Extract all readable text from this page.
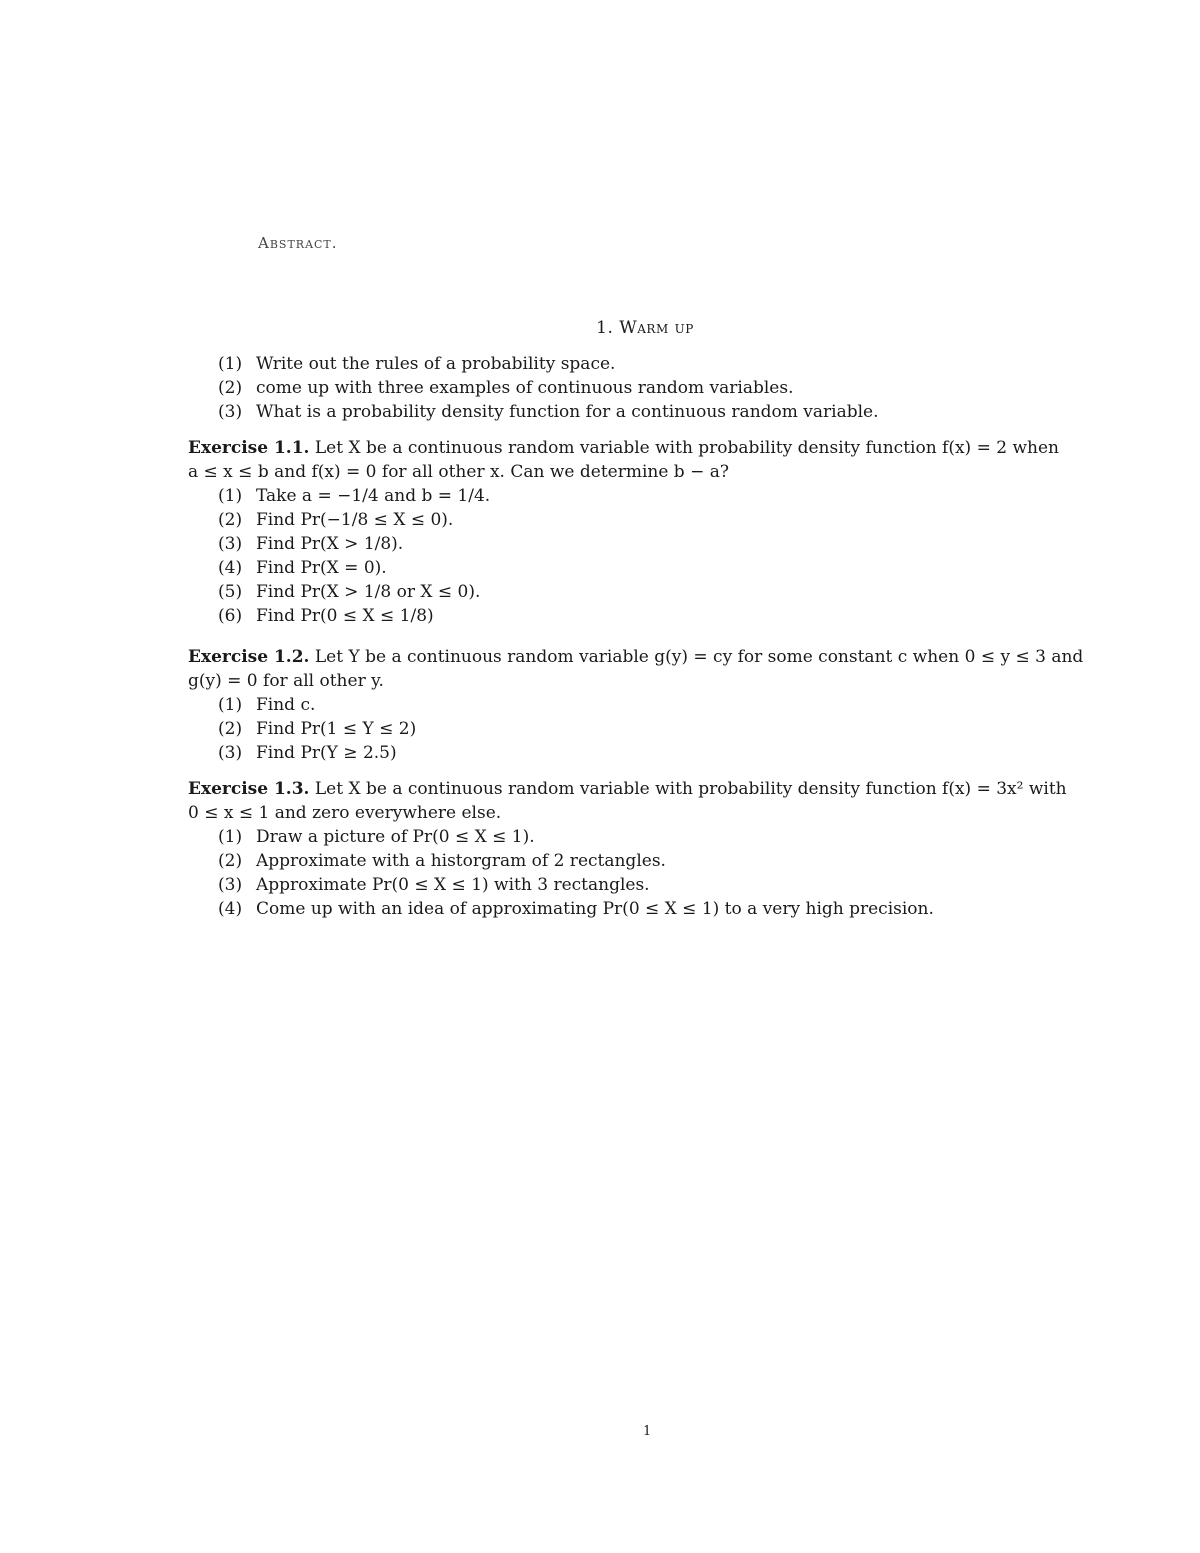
Abstract.
1. Warm up
(1) Write out the rules of a probability space.
(2) come up with three examples of continuous random variables.
(3) What is a probability density function for a continuous random variable.
Exercise 1.1. Let X be a continuous random variable with probability density function f(x) = 2 when
a ≤ x ≤ b and f(x) = 0 for all other x. Can we determine b − a?
(1) Take a = −1/4 and b = 1/4.
(2) Find Pr(−1/8 ≤ X ≤ 0).
(3) Find Pr(X > 1/8).
(4) Find Pr(X = 0).
(5) Find Pr(X > 1/8 or X ≤ 0).
(6) Find Pr(0 ≤ X ≤ 1/8)
Exercise 1.2. Let Y be a continuous random variable g(y) = cy for some constant c when 0 ≤ y ≤ 3 and
g(y) = 0 for all other y.
(1) Find c.
(2) Find Pr(1 ≤ Y ≤ 2)
(3) Find Pr(Y ≥ 2.5)
Exercise 1.3. Let X be a continuous random variable with probability density function f(x) = 3x² with
0 ≤ x ≤ 1 and zero everywhere else.
(1) Draw a picture of Pr(0 ≤ X ≤ 1).
(2) Approximate with a historgram of 2 rectangles.
(3) Approximate Pr(0 ≤ X ≤ 1) with 3 rectangles.
(4) Come up with an idea of approximating Pr(0 ≤ X ≤ 1) to a very high precision.
1
